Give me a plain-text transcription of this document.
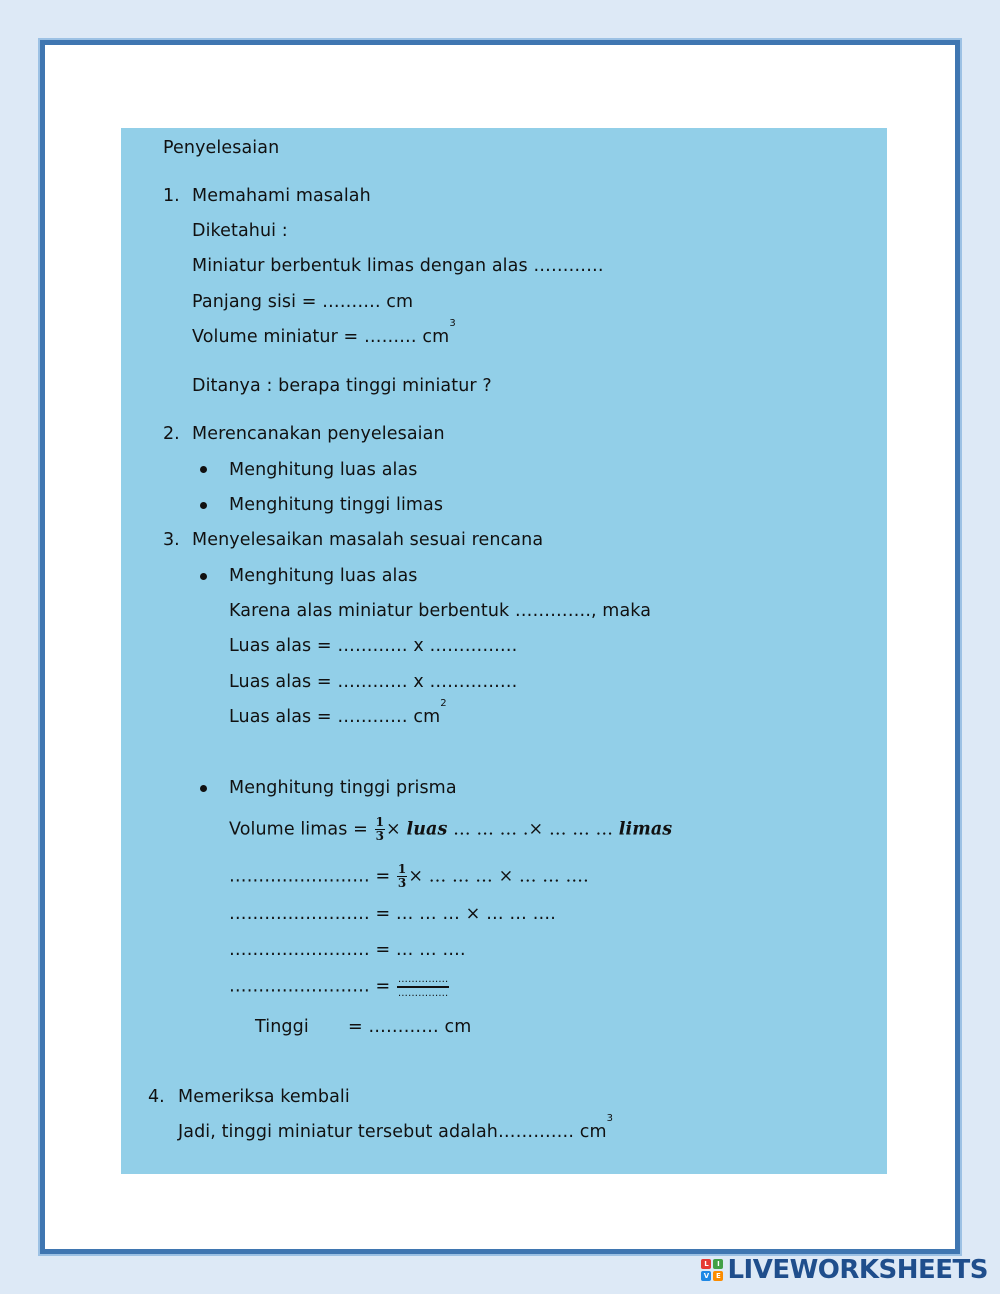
Penyelesaian
1. Memahami masalah
Diketahui :
Miniatur berbentuk limas dengan alas …………
Panjang sisi = ………. cm
Volume miniatur = ……… $cm^3$
Ditanya : berapa tinggi miniatur ?
2. Merencanakan penyelesaian
Menghitung luas alas
Menghitung tinggi limas
3. Menyelesaikan masalah sesuai rencana
Menghitung luas alas
Karena alas miniatur berbentuk …………., maka
Luas alas = ………… x ……………
Luas alas = ………… x ……………
Luas alas = ………… $cm^2$
Menghitung tinggi prisma
Volume limas = $\frac{1}{3}$ × luas … … … .× … … … limas
…………………… = $\frac{1}{3}$ × … … … × … … ….
…………………… = … … … × … … ….
…………………… = … … ….
…………………… = $\frac{\dots\dots\dots\dots\dots}{\dots\dots\dots\dots\dots}$
Tinggi = ………… cm
4. Memeriksa kembali
Jadi, tinggi miniatur tersebut adalah…………. $cm^3$
L	I
V E LIVEWORKSHEETS
